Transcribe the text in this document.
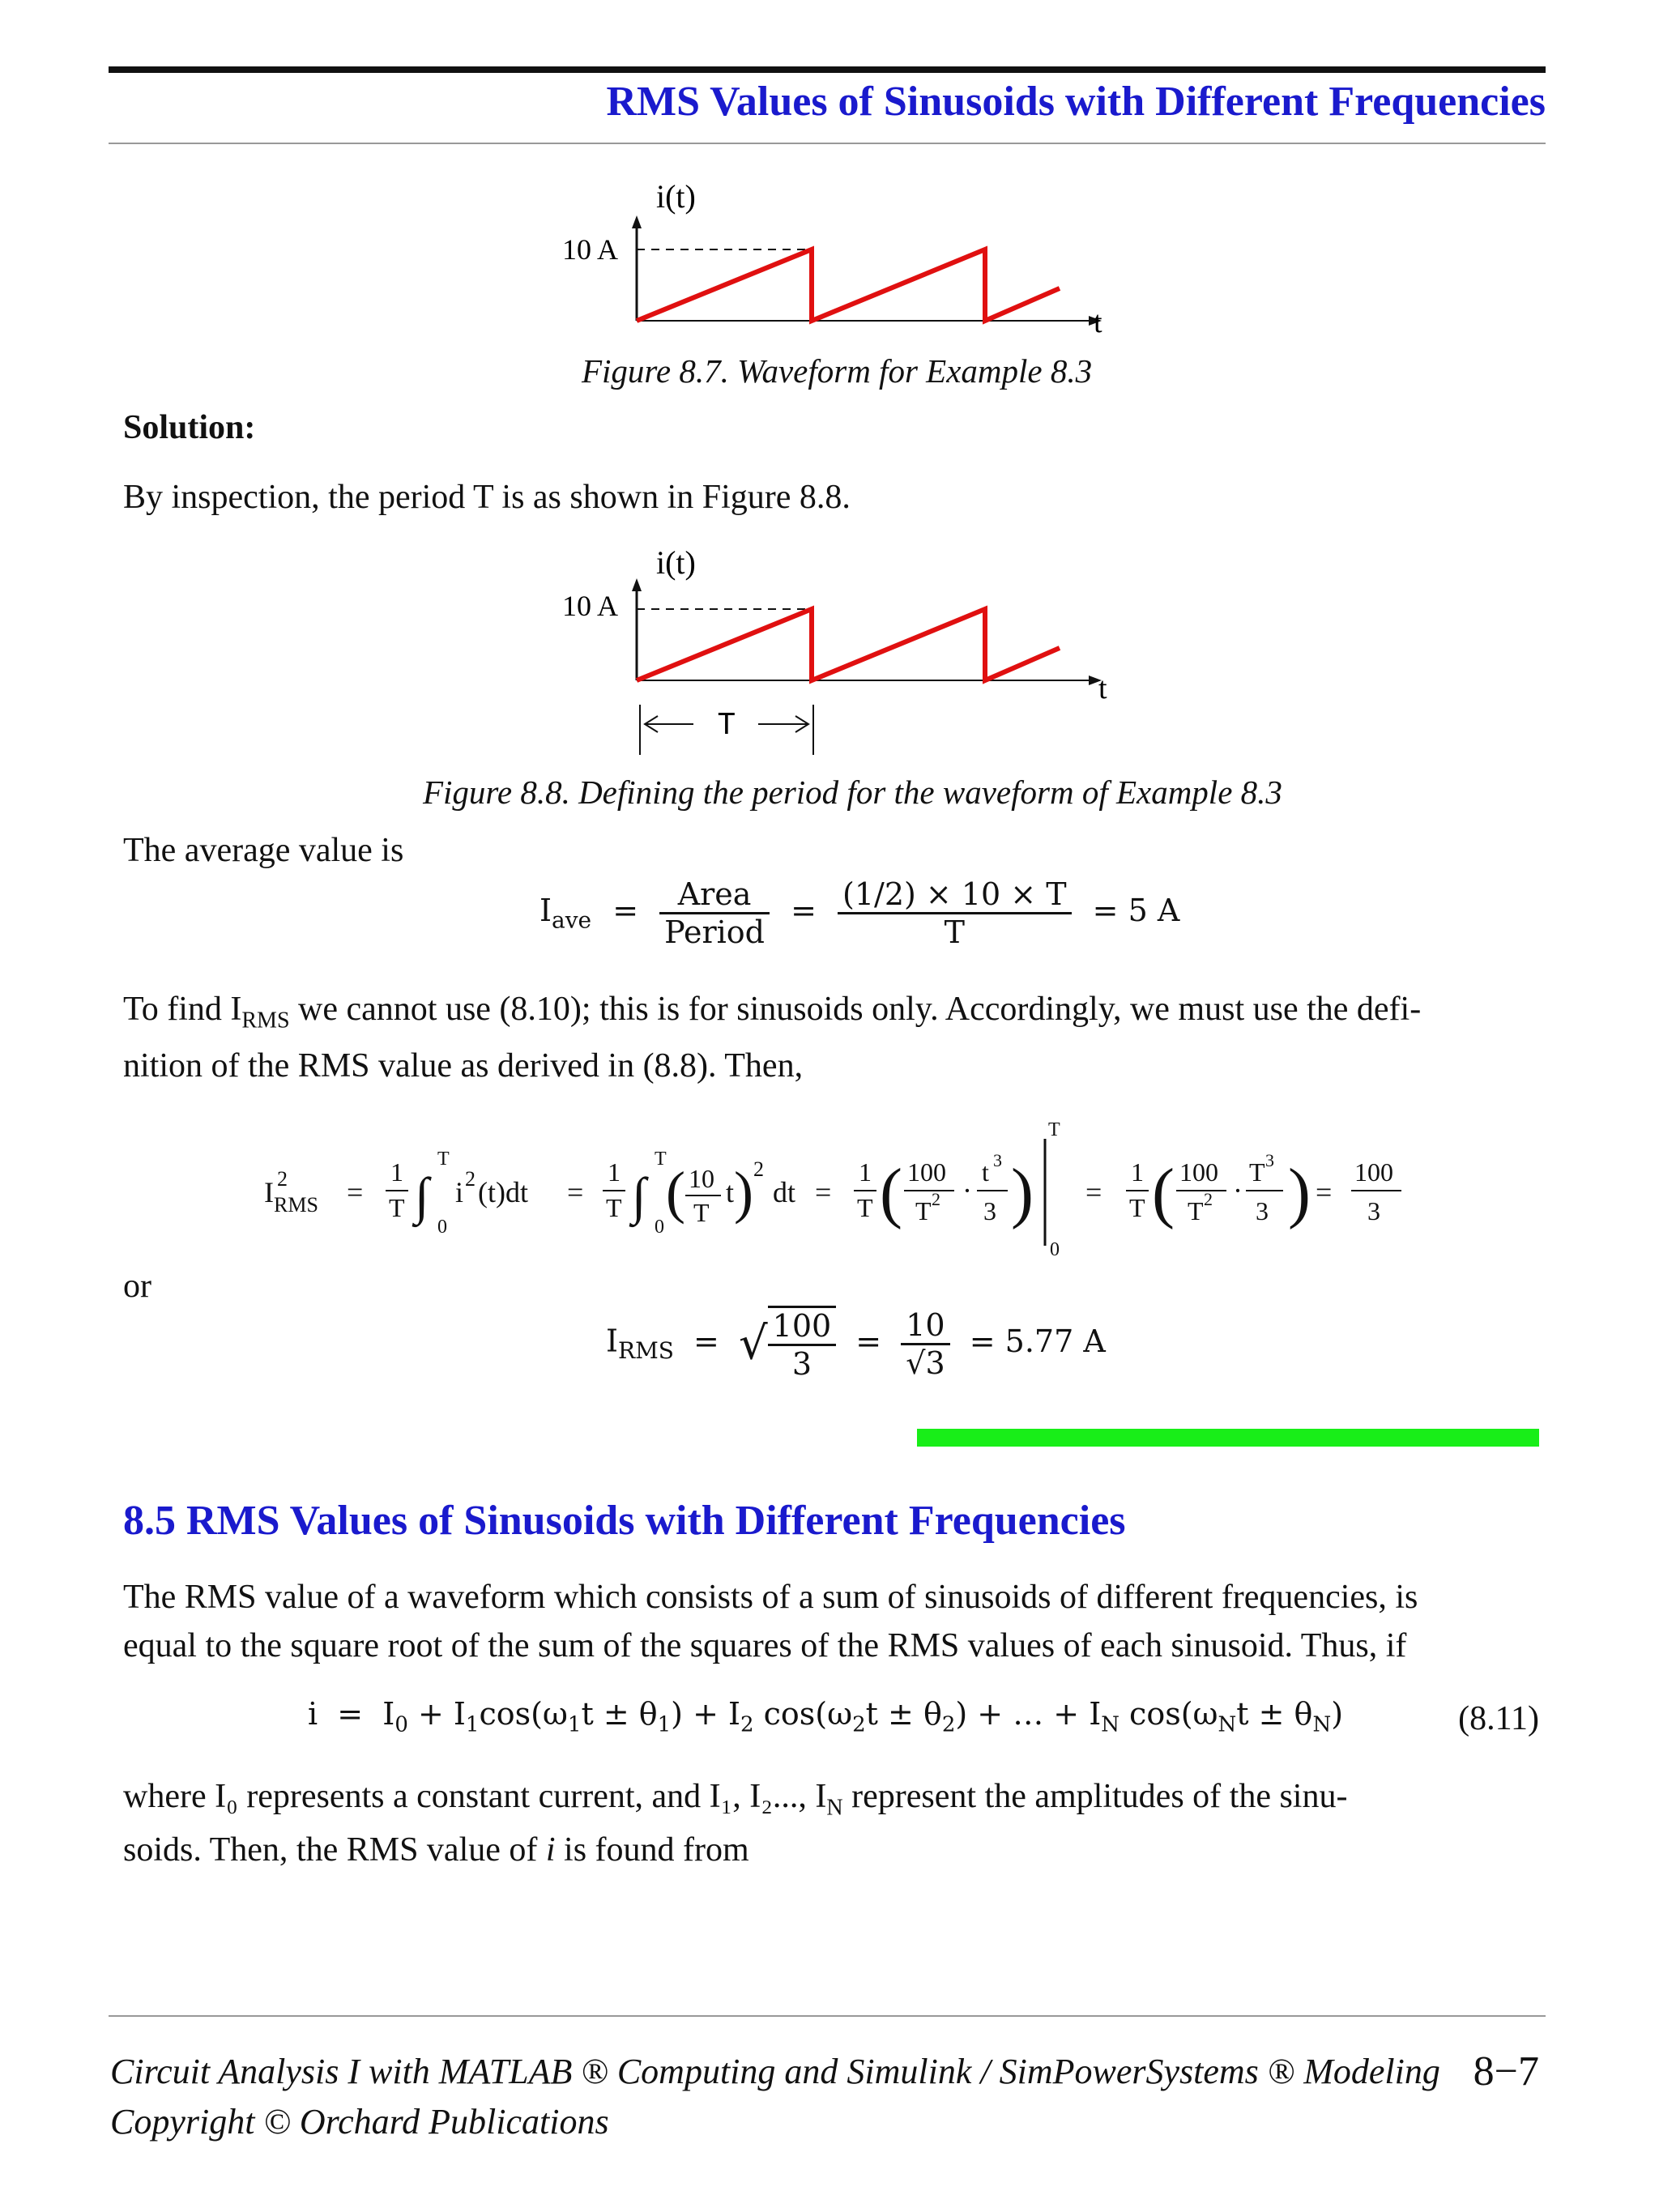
RMS Values of Sinusoids with Different Frequencies
i(t)
10 A
t
Figure 8.7. Waveform for Example 8.3
Solution:
By inspection, the period T is as shown in Figure 8.8.
i(t)
10 A
t
T
Figure 8.8. Defining the period for the waveform of Example 8.3
The average value is
$I_{ave} = \frac{\text{Area}}{\text{Period}} = \frac{(1/2) \times 10 \times T}{T} = 5$ A
To find $I_{RMS}$ we cannot use (8.10); this is for sinusoids only. Accordingly, we must use the defi-
nition of the RMS value as derived in (8.8). Then,
I 2
RMS =
1
T ∫
T
0
i 2 (t)dt =
1
T ∫
T
0
( 10
T
t ) 2
dt =
1
T ( 100
T 2 ·
t 3
3 )
T
0
=
1
T ( 100
T 2 ·
T 3
3 ) =
100
3
or
$I_{RMS}$ = √ $\frac{100}{3} = \frac{10}{√3} = 5.77$ A
8.5 RMS Values of Sinusoids with Different Frequencies
The RMS value of a waveform which consists of a sum of sinusoids of different frequencies, is
equal to the square root of the sum of the squares of the RMS values of each sinusoid. Thus, if
$i = I_0 + I_1\cos(\omega_1t \pm \theta_1) + I_2$ $\cos(\omega_2t \pm \theta_2)$ + … + $I_N$ $\cos(\omega_Nt \pm \theta_N)$	(8.11)
where I₀ represents a constant current, and I₁, I₂..., $I_N$ represent the amplitudes of the sinu-
soids. Then, the RMS value of i is found from
Circuit Analysis I with MATLAB ® Computing and Simulink / SimPowerSystems ® Modeling
Copyright © Orchard Publications
8−7
